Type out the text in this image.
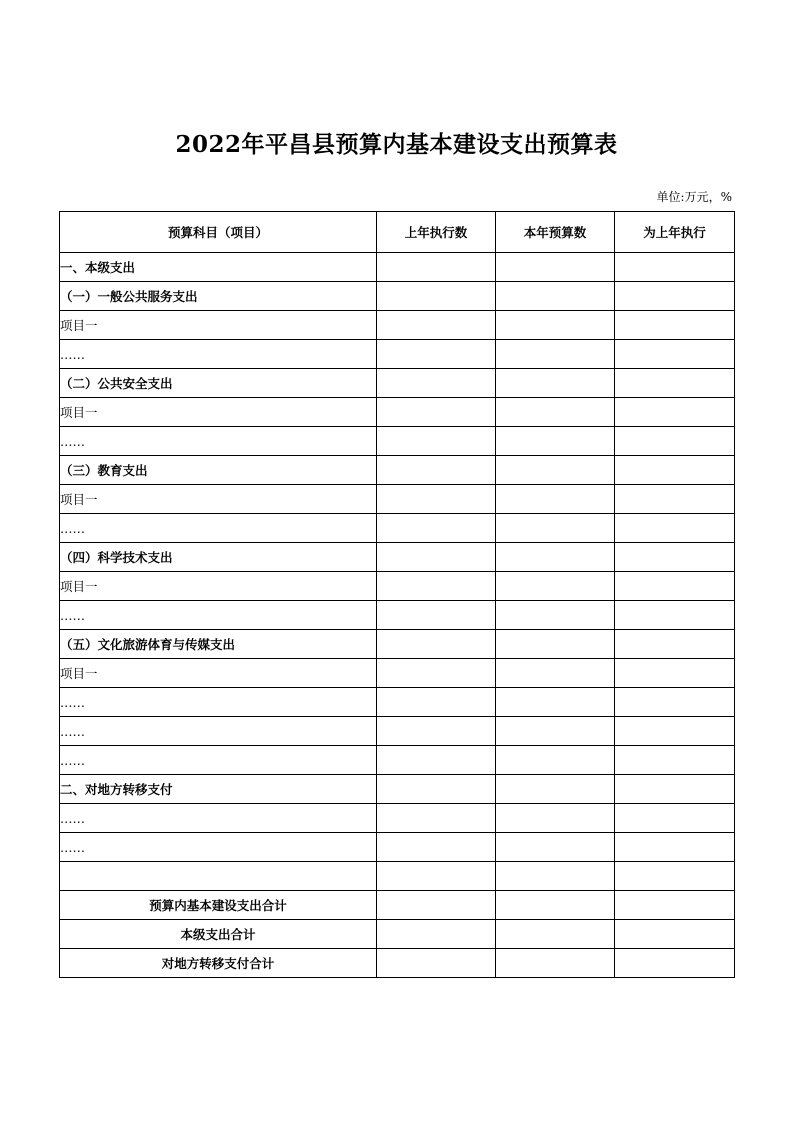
2022年平昌县预算内基本建设支出预算表
单位:万元，%
预算科目（项目）	上年执行数	本年预算数	为上年执行
一、本级支出			
（一）一般公共服务支出			
项目一			
……			
（二）公共安全支出			
项目一			
……			
（三）教育支出			
项目一			
……			
（四）科学技术支出			
项目一			
……			
（五）文化旅游体育与传媒支出			
项目一			
……			
……			
……			
二、对地方转移支付			
……			
……			

预算内基本建设支出合计			
本级支出合计			
对地方转移支付合计			
